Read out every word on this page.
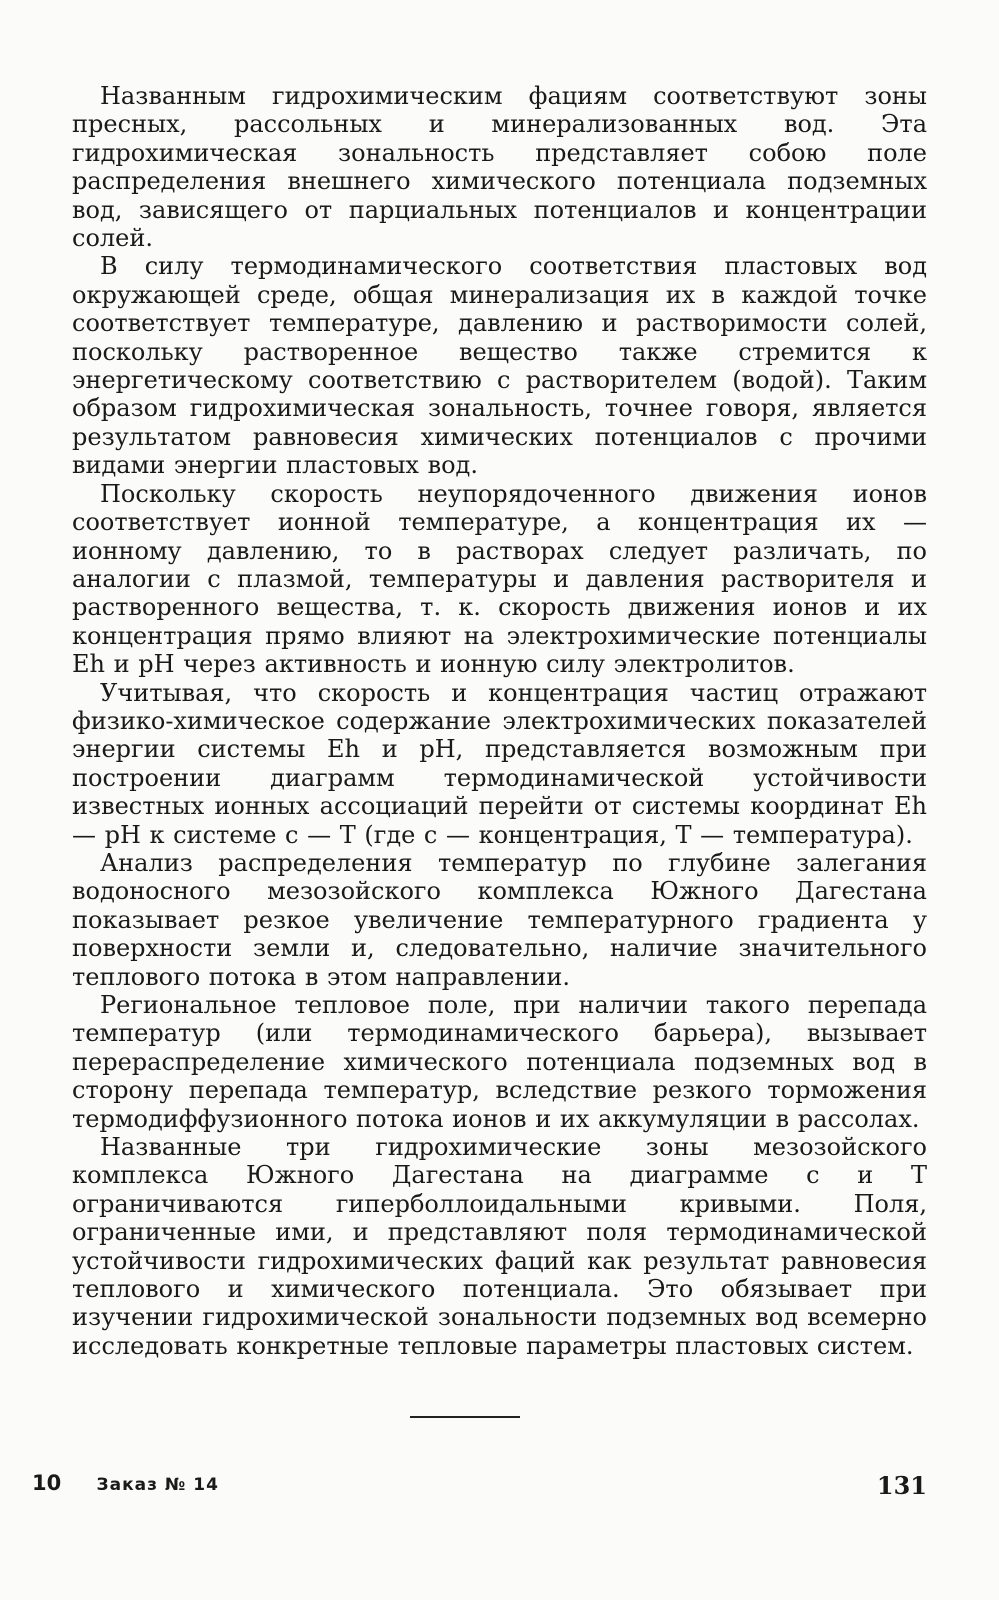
Названным гидрохимическим фациям соответствуют зоны пресных, рассольных и минерализованных вод. Эта гидрохимическая зональность представляет собою поле распределения внешнего химического потенциала подземных вод, зависящего от парциальных потенциалов и концентрации солей.

В силу термодинамического соответствия пластовых вод окружающей среде, общая минерализация их в каждой точке соответствует температуре, давлению и растворимости солей, поскольку растворенное вещество также стремится к энергетическому соответствию с растворителем (водой). Таким образом гидрохимическая зональность, точнее говоря, является результатом равновесия химических потенциалов с прочими видами энергии пластовых вод.

Поскольку скорость неупорядоченного движения ионов соответствует ионной температуре, а концентрация их — ионному давлению, то в растворах следует различать, по аналогии с плазмой, температуры и давления растворителя и растворенного вещества, т. к. скорость движения ионов и их концентрация прямо влияют на электрохимические потенциалы Eh и pH через активность и ионную силу электролитов.

Учитывая, что скорость и концентрация частиц отражают физико-химическое содержание электрохимических показателей энергии системы Eh и pH, представляется возможным при построении диаграмм термодинамической устойчивости известных ионных ассоциаций перейти от системы координат Eh — pH к системе c — T (где c — концентрация, T — температура).

Анализ распределения температур по глубине залегания водоносного мезозойского комплекса Южного Дагестана показывает резкое увеличение температурного градиента у поверхности земли и, следовательно, наличие значительного теплового потока в этом направлении.

Региональное тепловое поле, при наличии такого перепада температур (или термодинамического барьера), вызывает перераспределение химического потенциала подземных вод в сторону перепада температур, вследствие резкого торможения термодиффузионного потока ионов и их аккумуляции в рассолах.

Названные три гидрохимические зоны мезозойского комплекса Южного Дагестана на диаграмме c и T ограничиваются гиперболлоидальными кривыми. Поля, ограниченные ими, и представляют поля термодинамической устойчивости гидрохимических фаций как результат равновесия теплового и химического потенциала. Это обязывает при изучении гидрохимической зональности подземных вод всемерно исследовать конкретные тепловые параметры пластовых систем.

10 Заказ № 14	131
